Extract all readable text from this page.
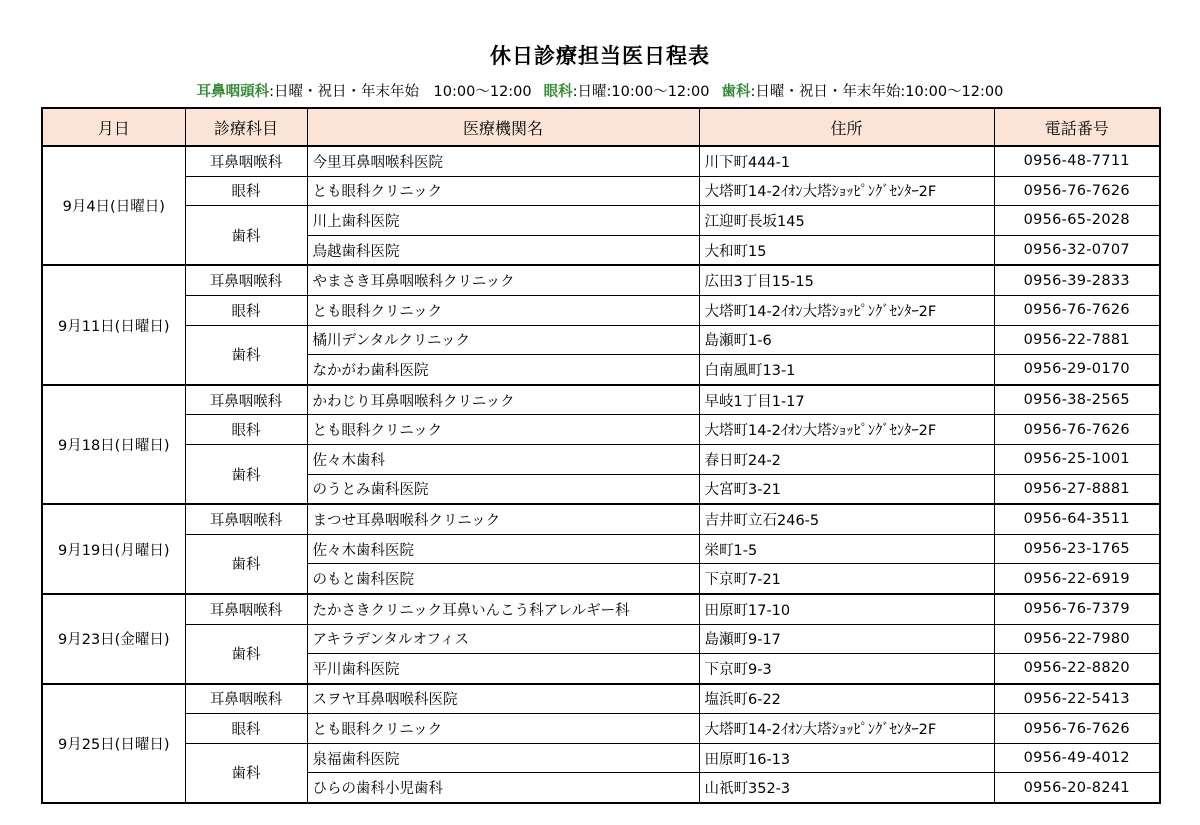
休日診療担当医日程表
耳鼻咽頭科:日曜・祝日・年末年始　10:00〜12:00 眼科:日曜:10:00〜12:00 歯科:日曜・祝日・年末年始:10:00〜12:00
月日	診療科目	医療機関名	住所	電話番号
9月4日(日曜日)	耳鼻咽喉科	今里耳鼻咽喉科医院	川下町444-1	0956-48-7711
	眼科	とも眼科クリニック	大塔町14-2ｲｵﾝ大塔ｼｮｯﾋﾟﾝｸﾞｾﾝﾀｰ2F	0956-76-7626
	歯科	川上歯科医院	江迎町長坂145	0956-65-2028
		鳥越歯科医院	大和町15	0956-32-0707
9月11日(日曜日)	耳鼻咽喉科	やまさき耳鼻咽喉科クリニック	広田3丁目15-15	0956-39-2833
	眼科	とも眼科クリニック	大塔町14-2ｲｵﾝ大塔ｼｮｯﾋﾟﾝｸﾞｾﾝﾀｰ2F	0956-76-7626
	歯科	橘川デンタルクリニック	島瀬町1-6	0956-22-7881
		なかがわ歯科医院	白南風町13-1	0956-29-0170
9月18日(日曜日)	耳鼻咽喉科	かわじり耳鼻咽喉科クリニック	早岐1丁目1-17	0956-38-2565
	眼科	とも眼科クリニック	大塔町14-2ｲｵﾝ大塔ｼｮｯﾋﾟﾝｸﾞｾﾝﾀｰ2F	0956-76-7626
	歯科	佐々木歯科	春日町24-2	0956-25-1001
		のうとみ歯科医院	大宮町3-21	0956-27-8881
9月19日(月曜日)	耳鼻咽喉科	まつせ耳鼻咽喉科クリニック	吉井町立石246-5	0956-64-3511
	歯科	佐々木歯科医院	栄町1-5	0956-23-1765
		のもと歯科医院	下京町7-21	0956-22-6919
9月23日(金曜日)	耳鼻咽喉科	たかさきクリニック耳鼻いんこう科アレルギー科	田原町17-10	0956-76-7379
	歯科	アキラデンタルオフィス	島瀬町9-17	0956-22-7980
		平川歯科医院	下京町9-3	0956-22-8820
9月25日(日曜日)	耳鼻咽喉科	スヲヤ耳鼻咽喉科医院	塩浜町6-22	0956-22-5413
	眼科	とも眼科クリニック	大塔町14-2ｲｵﾝ大塔ｼｮｯﾋﾟﾝｸﾞｾﾝﾀｰ2F	0956-76-7626
	歯科	泉福歯科医院	田原町16-13	0956-49-4012
		ひらの歯科小児歯科	山祇町352-3	0956-20-8241
